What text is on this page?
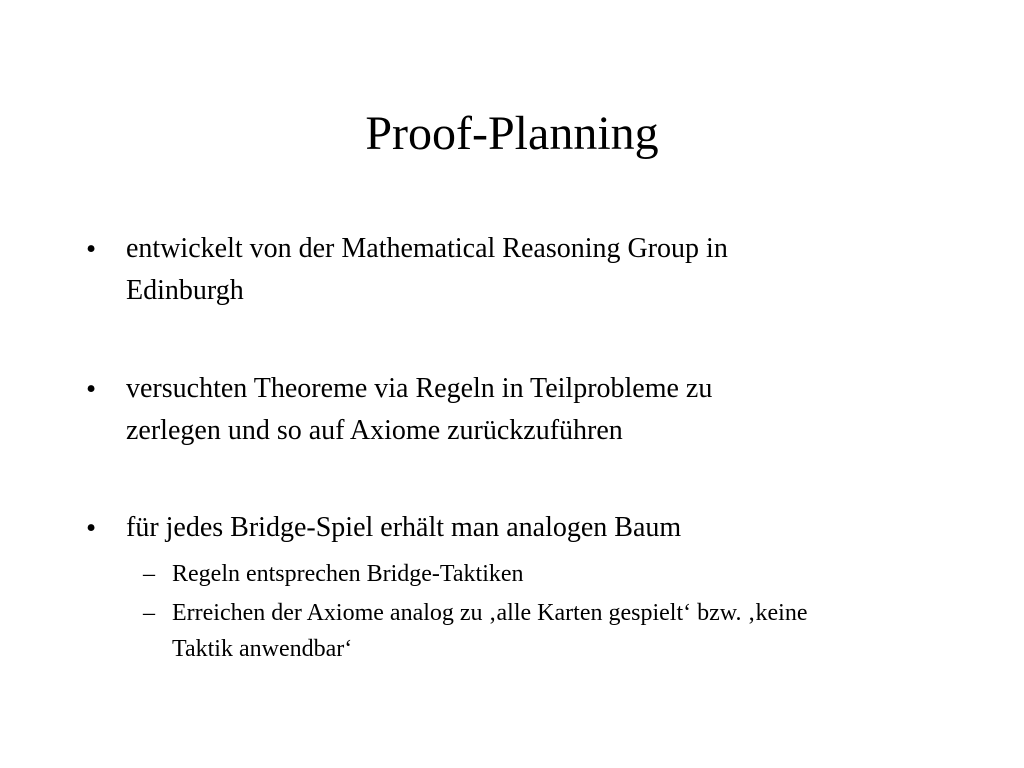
Proof-Planning
• entwickelt von der Mathematical Reasoning Group in
Edinburgh
• versuchten Theoreme via Regeln in Teilprobleme zu
zerlegen und so auf Axiome zurückzuführen
• für jedes Bridge-Spiel erhält man analogen Baum
– Regeln entsprechen Bridge-Taktiken
– Erreichen der Axiome analog zu ‚alle Karten gespielt‘ bzw. ‚keine
Taktik anwendbar‘
